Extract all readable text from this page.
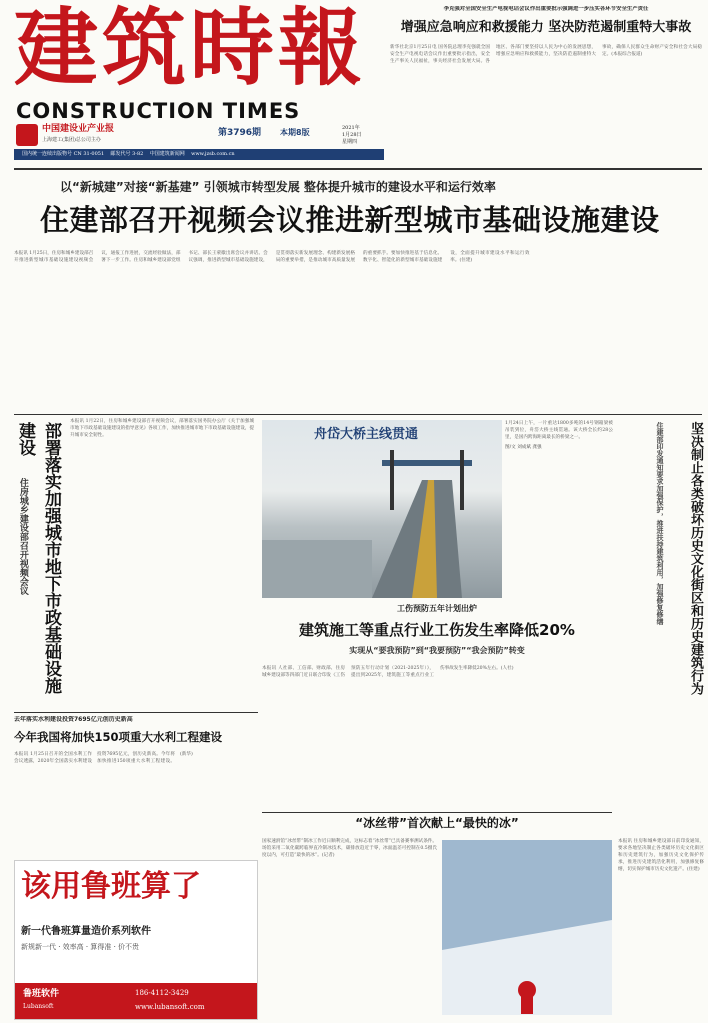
建筑時報
CONSTRUCTION TIMES
中国建设业产业报
上海建工(集团)总公司主办
第3796期 本期8版	2021年
1月28日
星期四
国内统一连续出版物号 CN 31-0051 邮发代号 3-82 中国建筑新闻网 www.jzsb.com.cn
李克强对全国安全生产电视电话会议作出重要批示强调进一步压实各环节安全生产责任
增强应急响应和救援能力 坚决防范遏制重特大事故
新华社北京1月25日电 国务院总理李克强就全国安全生产电视电话会议作出重要批示指出，安全生产事关人民福祉，事关经济社会发展大局。各地区、各部门要坚持以人民为中心的发展思想，增强应急响应和救援能力，坚决防范遏制重特大事故，确保人民群众生命财产安全和社会大局稳定。(本报综合报道)
以“新城建”对接“新基建” 引领城市转型发展 整体提升城市的建设水平和运行效率
住建部召开视频会议推进新型城市基础设施建设
本报讯 1月25日，住房和城乡建设部召开推进新型城市基础设施建设视频会议，通报工作进展，交流经验做法，部署下一步工作。住房和城乡建设部党组书记、部长王蒙徽出席会议并讲话。会议强调，推进新型城市基础设施建设，是贯彻落实新发展理念、构建新发展格局的重要举措，是推动城市高质量发展的重要抓手。要加快推进基于信息化、数字化、智能化的新型城市基础设施建设，全面提升城市建设水平和运行效率。(住建)
部署落实加强城市地下市政基础设施建设
住房城乡建设部召开视频会议
本报讯 1月22日，住房和城乡建设部召开视频会议，部署落实国务院办公厅《关于加强城市地下市政基础设施建设的指导意见》各项工作，加快推进城市地下市政基础设施建设，提升城市安全韧性。	舟岱大桥主线贯通
1月24日上午，一片重达1800多吨的14号钢箱梁被吊装到位，舟岱大桥主线贯通。该大桥全长约28公里，是国内跨海距离最长的桥梁之一。
图/文 刘成斌 龚强
工伤预防五年计划出炉
建筑施工等重点行业工伤发生率降低20%
实现从“要我预防”到“我要预防”“我会预防”转变
本报讯 人社部、工信部、财政部、住房城乡建设部等四部门近日联合印发《工伤预防五年行动计划（2021-2025年）》，提出到2025年，建筑施工等重点行业工伤事故发生率降低20%左右。(人社)	坚决制止各类破坏历史文化街区和历史建筑行为
住建部印发通知要求加强保护，推进扶持建筑利用，加强修复修缮
本报讯 住房和城乡建设部日前印发通知，要求各地坚决制止各类破坏历史文化街区和历史建筑行为，加强历史文化保护传承，推进历史建筑活化利用，加强修复修缮，切实保护城市历史文化遗产。(住建)
去年落实水利建设投资7695亿元创历史新高
今年我国将加快150项重大水利工程建设
本报讯 1月25日召开的全国水利工作会议透露，2020年全国落实水利建设投资7695亿元，创历史新高。今年将加快推进150项重大水利工程建设。(新华)
“冰丝带”首次献上“最快的冰”
国家速滑馆“冰丝带”制冰工作近日顺利完成，这标志着“冰丝带”已具备赛事测试条件。场馆采用二氧化碳跨临界直冷制冰技术，碳排放趋近于零，冰面温差可控制在0.5摄氏度以内，可打造“最快的冰”。(记者)
该用鲁班算了
新一代鲁班算量造价系列软件
新规新一代 · 效率高 · 算得准 · 价不贵
鲁班软件
Lubansoft
186-4112-3429
www.lubansoft.com
